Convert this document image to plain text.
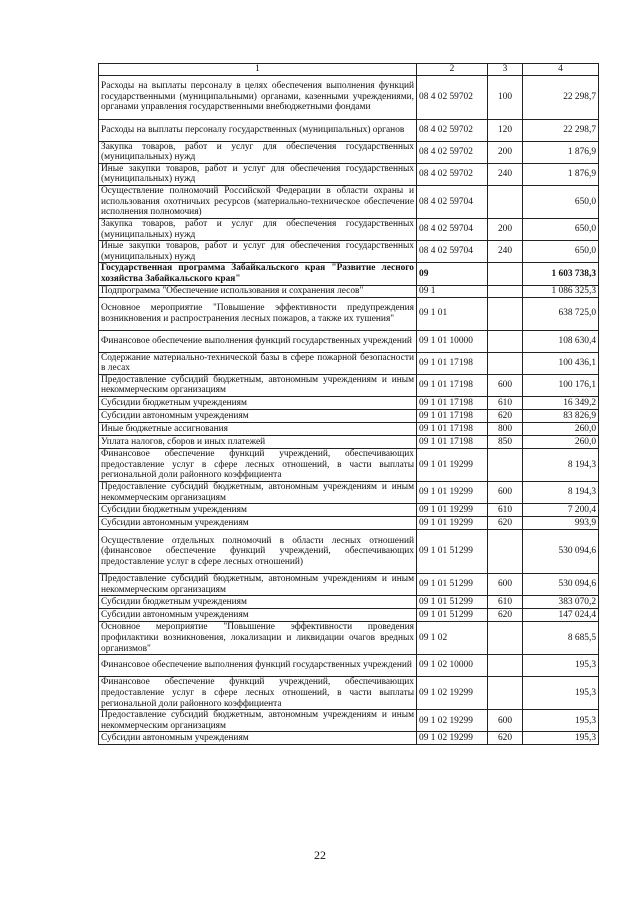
1	2	3	4
Расходы на выплаты персоналу в целях обеспечения выполнения функций государственными (муниципальными) органами, казенными учреждениями, органами управления государственными внебюджетными фондами	08 4 02 59702	100	22 298,7
Расходы на выплаты персоналу государственных (муниципальных) органов	08 4 02 59702	120	22 298,7
Закупка товаров, работ и услуг для обеспечения государственных (муниципальных) нужд	08 4 02 59702	200	1 876,9
Иные закупки товаров, работ и услуг для обеспечения государственных (муниципальных) нужд	08 4 02 59702	240	1 876,9
Осуществление полномочий Российской Федерации в области охраны и использования охотничьих ресурсов (материально-техническое обеспечение исполнения полномочия)	08 4 02 59704		650,0
Закупка товаров, работ и услуг для обеспечения государственных (муниципальных) нужд	08 4 02 59704	200	650,0
Иные закупки товаров, работ и услуг для обеспечения государственных (муниципальных) нужд	08 4 02 59704	240	650,0
Государственная программа Забайкальского края "Развитие лесного хозяйства Забайкальского края"	09		1 603 738,3
Подпрограмма "Обеспечение использования и сохранения лесов"	09 1		1 086 325,3
Основное мероприятие "Повышение эффективности предупреждения возникновения и распространения лесных пожаров, а также их тушения"	09 1 01		638 725,0
Финансовое обеспечение выполнения функций государственных учреждений	09 1 01 10000		108 630,4
Содержание материально-технической базы в сфере пожарной безопасности в лесах	09 1 01 17198		100 436,1
Предоставление субсидий бюджетным, автономным учреждениям и иным некоммерческим организациям	09 1 01 17198	600	100 176,1
Субсидии бюджетным учреждениям	09 1 01 17198	610	16 349,2
Субсидии автономным учреждениям	09 1 01 17198	620	83 826,9
Иные бюджетные ассигнования	09 1 01 17198	800	260,0
Уплата налогов, сборов и иных платежей	09 1 01 17198	850	260,0
Финансовое обеспечение функций учреждений, обеспечивающих предоставление услуг в сфере лесных отношений, в части выплаты региональной доли районного коэффициента	09 1 01 19299		8 194,3
Предоставление субсидий бюджетным, автономным учреждениям и иным некоммерческим организациям	09 1 01 19299	600	8 194,3
Субсидии бюджетным учреждениям	09 1 01 19299	610	7 200,4
Субсидии автономным учреждениям	09 1 01 19299	620	993,9
Осуществление отдельных полномочий в области лесных отношений (финансовое обеспечение функций учреждений, обеспечивающих предоставление услуг в сфере лесных отношений)	09 1 01 51299		530 094,6
Предоставление субсидий бюджетным, автономным учреждениям и иным некоммерческим организациям	09 1 01 51299	600	530 094,6
Субсидии бюджетным учреждениям	09 1 01 51299	610	383 070,2
Субсидии автономным учреждениям	09 1 01 51299	620	147 024,4
Основное мероприятие "Повышение эффективности проведения профилактики возникновения, локализации и ликвидации очагов вредных организмов"	09 1 02		8 685,5
Финансовое обеспечение выполнения функций государственных учреждений	09 1 02 10000		195,3
Финансовое обеспечение функций учреждений, обеспечивающих предоставление услуг в сфере лесных отношений, в части выплаты региональной доли районного коэффициента	09 1 02 19299		195,3
Предоставление субсидий бюджетным, автономным учреждениям и иным некоммерческим организациям	09 1 02 19299	600	195,3
Субсидии автономным учреждениям	09 1 02 19299	620	195,3
22
